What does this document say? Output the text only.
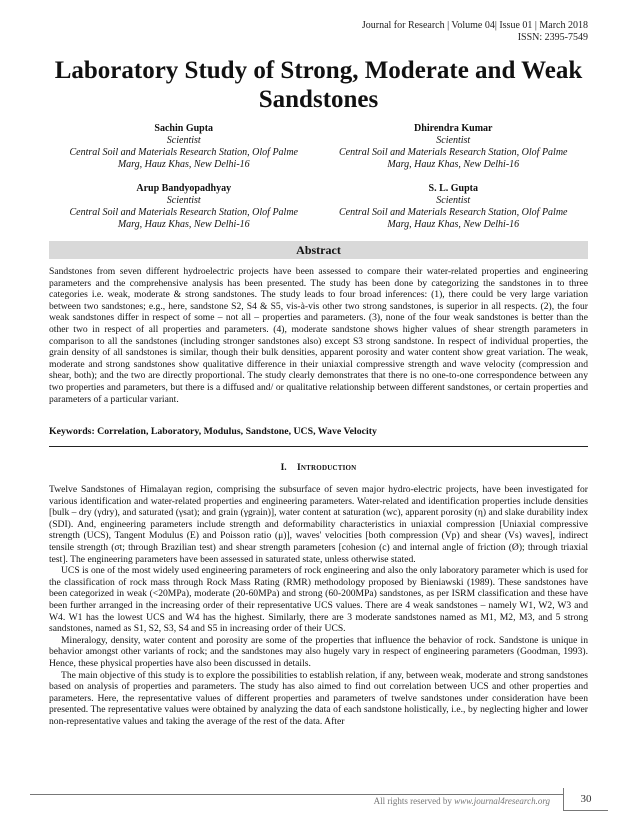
Journal for Research | Volume 04| Issue 01 | March 2018
ISSN: 2395-7549
Laboratory Study of Strong, Moderate and Weak Sandstones
Sachin Gupta
Scientist
Central Soil and Materials Research Station, Olof Palme
Marg, Hauz Khas, New Delhi-16
Dhirendra Kumar
Scientist
Central Soil and Materials Research Station, Olof Palme
Marg, Hauz Khas, New Delhi-16
Arup Bandyopadhyay
Scientist
Central Soil and Materials Research Station, Olof Palme
Marg, Hauz Khas, New Delhi-16
S. L. Gupta
Scientist
Central Soil and Materials Research Station, Olof Palme
Marg, Hauz Khas, New Delhi-16
Abstract
Sandstones from seven different hydroelectric projects have been assessed to compare their water-related properties and engineering parameters and the comprehensive analysis has been presented. The study has been done by categorizing the sandstones in to three categories i.e. weak, moderate & strong sandstones. The study leads to four broad inferences: (1), there could be very large variation between two sandstones; e.g., here, sandstone S2, S4 & S5, vis-à-vis other two strong sandstones, is superior in all respects. (2), the four weak sandstones differ in respect of some – not all – properties and parameters. (3), none of the four weak sandstones is better than the other two in respect of all properties and parameters. (4), moderate sandstone shows higher values of shear strength parameters in comparison to all the sandstones (including stronger sandstones also) except S3 strong sandstone. In respect of individual properties, the grain density of all sandstones is similar, though their bulk densities, apparent porosity and water content show great variation. The weak, moderate and strong sandstones show qualitative difference in their uniaxial compressive strength and wave velocity (compression and shear, both); and the two are directly proportional. The study clearly demonstrates that there is no one-to-one correspondence between any two properties and parameters, but there is a diffused and/ or qualitative relationship between different sandstones, or certain properties and parameters of a particular variant.
Keywords: Correlation, Laboratory, Modulus, Sandstone, UCS, Wave Velocity
I. Introduction

Twelve Sandstones of Himalayan region, comprising the subsurface of seven major hydro-electric projects, have been investigated for various identification and water-related properties and engineering parameters. Water-related and identification properties include densities [bulk – dry (γdry), and saturated (γsat); and grain (γgrain)], water content at saturation (wc), apparent porosity (η) and slake durability index (SDI). And, engineering parameters include strength and deformability characteristics in uniaxial compression [Uniaxial compressive strength (UCS), Tangent Modulus (E) and Poisson ratio (μ)], waves' velocities [both compression (Vp) and shear (Vs) waves], indirect tensile strength (σt; through Brazilian test) and shear strength parameters [cohesion (c) and internal angle of friction (Ø); through triaxial test]. The engineering parameters have been assessed in saturated state, unless otherwise stated.

UCS is one of the most widely used engineering parameters of rock engineering and also the only laboratory parameter which is used for the classification of rock mass through Rock Mass Rating (RMR) methodology proposed by Bieniawski (1989). These sandstones have been categorized in weak (<20MPa), moderate (20-60MPa) and strong (60-200MPa) sandstones, as per ISRM classification and these have been further arranged in the increasing order of their representative UCS values. There are 4 weak sandstones – namely W1, W2, W3 and W4. W1 has the lowest UCS and W4 has the highest. Similarly, there are 3 moderate sandstones named as M1, M2, M3, and 5 strong sandstones, named as S1, S2, S3, S4 and S5 in increasing order of their UCS.

Mineralogy, density, water content and porosity are some of the properties that influence the behavior of rock. Sandstone is unique in behavior amongst other variants of rock; and the sandstones may also hugely vary in respect of engineering parameters (Goodman, 1993). Hence, these physical properties have also been discussed in details.

The main objective of this study is to explore the possibilities to establish relation, if any, between weak, moderate and strong sandstones based on analysis of properties and parameters. The study has also aimed to find out correlation between UCS and other properties and parameters. Here, the representative values of different properties and parameters of twelve sandstones under consideration have been presented. The representative values were obtained by analyzing the data of each sandstone holistically, i.e., by neglecting higher and lower non-representative values and taking the average of the rest of the data. After

All rights reserved by www.journal4research.org	30
